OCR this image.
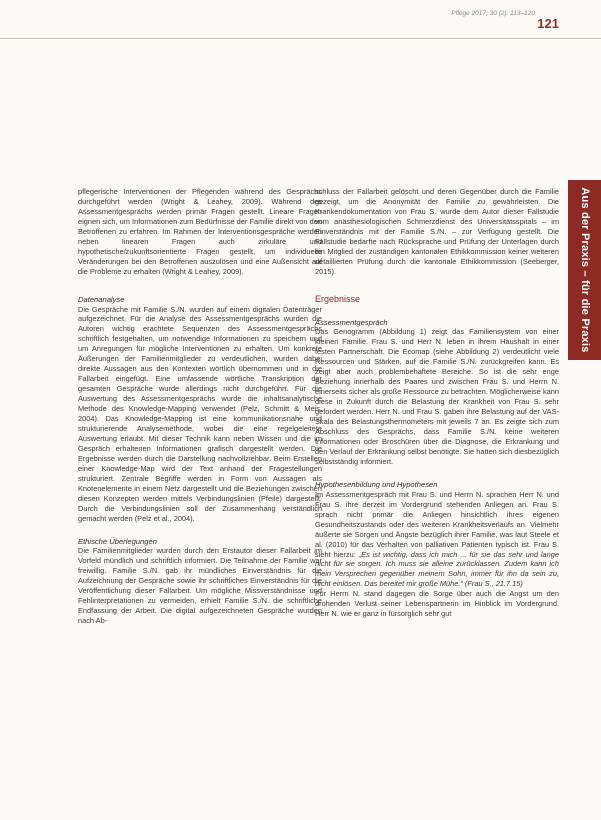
Pflege 2017; 30 (2): 113–120
121
Aus der Praxis – für die Praxis

pflegerische Interventionen der Pflegenden während des Gesprächs durchgeführt werden (Wright & Leahey, 2009). Während des Assessmentgesprächs werden primär Fragen gestellt. Lineare Fragen eignen sich, um Informationen zum Bedürfnisse der Familie direkt von den Betroffenen zu erfahren. Im Rahmen der Interventionsgespräche werden neben linearen Fragen auch zirkuläre und hypothetische/zukunftsorientierte Fragen gestellt, um individuelle Veränderungen bei den Betroffenen auszulösen und eine Außensicht auf die Probleme zu erhalten (Wright & Leahey, 2009).

Datenanalyse

Die Gespräche mit Familie S./N. wurden auf einem digitalen Datenträger aufgezeichnet. Für die Analyse des Assessmentgesprächs wurden die Autoren wichtig erachtete Sequenzen des Assessmentgesprächs schriftlich festgehalten, um notwendige Informationen zu speichern und um Anregungen für mögliche Interventionen zu erhalten. Um konkrete Äußerungen der Familienmitglieder zu verdeutlichen, wurden dabei direkte Aussagen aus den Kontexten wörtlich übernommen und in die Fallarbeit eingefügt. Eine umfassende wörtliche Transkription der gesamten Gespräche wurde allerdings nicht durchgeführt. Für die Auswertung des Assessmentgesprächs wurde die inhaltsanalytische Methode des Knowledge-Mapping verwendet (Pelz, Schmitt & Meis, 2004). Das Knowledge-Mapping ist eine kommunikationsnahe und strukturierende Analysemethode, wobei die eine regelgeleitete Auswertung erlaubt. Mit dieser Technik kann neben Wissen und die im Gespräch erhaltenen Informationen grafisch dargestellt werden. Die Ergebnisse werden durch die Darstellung nachvollziehbar. Beim Erstellen einer Knowledge-Map wird der Text anhand der Fragestellungen strukturiert. Zentrale Begriffe werden in Form von Aussagen als Knotenelemente in einem Netz dargestellt und die Beziehungen zwischen diesen Konzepten werden mittels Verbindungslinien (Pfeile) dargestellt. Durch die Verbindungslinien soll der Zusammenhang verständlich gemacht werden (Pelz et al., 2004).

Ethische Überlegungen

Die Familienmitglieder wurden durch den Erstautor dieser Fallarbeit im Vorfeld mündlich und schriftlich informiert. Die Teilnahme der Familie war freiwillig. Familie S./N. gab ihr mündliches Einverständnis für die Aufzeichnung der Gespräche sowie ihr schriftliches Einverständnis für die Veröffentlichung dieser Fallarbeit. Um mögliche Missverständnisse und Fehlinterpretationen zu vermeiden, erhielt Familie S./N. die schriftliche Endfassung der Arbeit. Die digital aufgezeichneten Gespräche wurden nach Ab-

schluss der Fallarbeit gelöscht und deren Gegenüber durch die Familie gezeigt, um die Anonymität der Familie zu gewährleisten. Die Krankendokumentation von Frau S. wurde dem Autor dieser Fallstudie vom anästhesiologischen Schmerzdienst des Universitätsspitals – im Einverständnis mit der Familie S./N. – zur Verfügung gestellt. Die Fallstudie bedarfte nach Rücksprache und Prüfung der Unterlagen durch ein Mitglied der zuständigen kantonalen Ethikkommission keiner weiteren detaillierten Prüfung durch die kantonale Ethikkommission (Seeberger, 2015).

Ergebnisse
Assessmentgespräch

Das Genogramm (Abbildung 1) zeigt das Familiensystem von einer kleinen Familie. Frau S. und Herr N. leben in ihrem Haushalt in einer festen Partnerschaft. Die Ecomap (siehe Abbildung 2) verdeutlicht viele Ressourcen und Stärken, auf die Familie S./N. zurückgreifen kann. Es zeigt aber auch problembehaftete Bereiche. So ist die sehr enge Beziehung innerhalb des Paares und zwischen Frau S. und Herrn N. einerseits sicher als große Ressource zu betrachten. Möglicherweise kann diese in Zukunft durch die Belastung der Krankheit von Frau S. sehr gefordert werden. Herr N. und Frau S. gaben ihre Belastung auf der VAS-Skala des Belastungsthermometers mit jeweils 7 an. Es zeigte sich zum Abschluss des Gesprächs, dass Familie S./N. keine weiteren Informationen oder Broschüren über die Diagnose, die Erkrankung und den Verlauf der Erkrankung selbst benötigte. Sie hatten sich diesbezüglich selbstständig informiert.

Hypothesenbildung und Hypothesen

Im Assessmentgespräch mit Frau S. und Herrn N. sprachen Herr N. und Frau S. ihre derzeit im Vordergrund stehenden Anliegen an. Frau S. sprach nicht primär die Anliegen hinsichtlich ihres eigenen Gesundheitszustands oder des weiteren Krankheitsverlaufs an. Vielmehr äußerte sie Sorgen und Ängste bezüglich ihrer Familie, was laut Steele et al. (2010) für das Verhalten von palliativen Patienten typisch ist. Frau S. sieht hierzu: „Es ist wichtig, dass ich mich ... für sie das sehr und lange nicht für sie sorgen. Ich muss sie alleine zurücklassen. Zudem kann ich mein Versprechen gegenüber meinem Sohn, immer für ihn da sein zu, nicht einlösen. Das bereitet mir große Mühe.“ (Frau S., 21.7.15)

Für Herrn N. stand dagegen die Sorge über auch die Angst um den drohenden Verlust seiner Lebenspartnerin im Hinblick im Vordergrund. Herr N. wie er ganz in fürsorglich sehr gut
